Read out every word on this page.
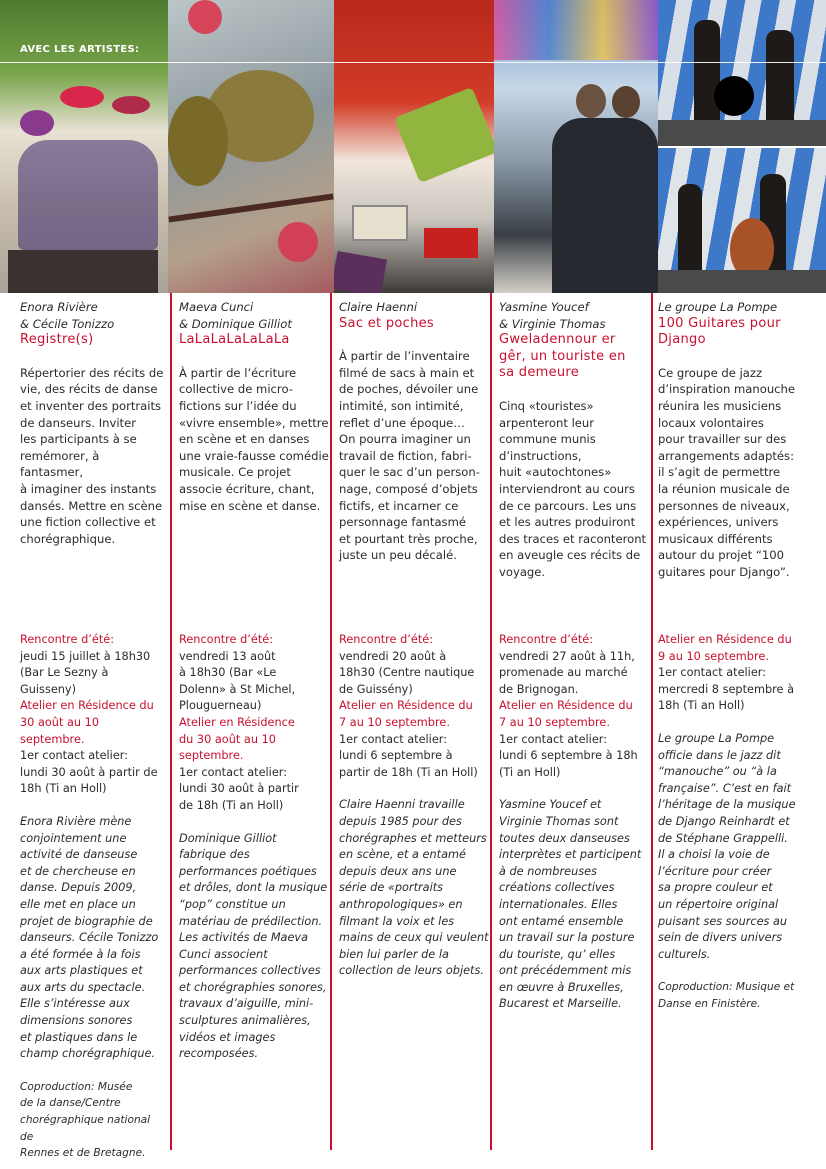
AVEC LES ARTISTES:
Enora Rivière
& Cécile Tonizzo
Registre(s)
Répertorier des récits de
vie, des récits de danse
et inventer des portraits
de danseurs. Inviter
les participants à se
remémorer, à fantasmer,
à imaginer des instants
dansés. Mettre en scène
une fiction collective et
chorégraphique.
Rencontre d’été:
jeudi 15 juillet à 18h30
(Bar Le Sezny à Guisseny)
Atelier en Résidence du
30 août au 10 septembre.
1er contact atelier:
lundi 30 août à partir de
18h (Ti an Holl)
Enora Rivière mène
conjointement une
activité de danseuse
et de chercheuse en
danse. Depuis 2009,
elle met en place un
projet de biographie de
danseurs. Cécile Tonizzo
a été formée à la fois
aux arts plastiques et
aux arts du spectacle.
Elle s’intéresse aux
dimensions sonores
et plastiques dans le
champ chorégraphique.
Coproduction: Musée
de la danse/Centre
chorégraphique national de
Rennes et de Bretagne.
Maeva Cunci
& Dominique Gilliot
LaLaLaLaLaLaLa
À partir de l’écriture
collective de micro-
fictions sur l’idée du
«vivre ensemble», mettre
en scène et en danses
une vraie-fausse comédie
musicale. Ce projet
associe écriture, chant,
mise en scène et danse.
Rencontre d’été:
vendredi 13 août
à 18h30 (Bar «Le
Dolenn» à St Michel,
Plouguerneau)
Atelier en Résidence
du 30 août au 10
septembre.
1er contact atelier:
lundi 30 août à partir
de 18h (Ti an Holl)
Dominique Gilliot
fabrique des
performances poétiques
et drôles, dont la musique
“pop” constitue un
matériau de prédilection.
Les activités de Maeva
Cunci associent
performances collectives
et chorégraphies sonores,
travaux d’aiguille, mini-
sculptures animalières,
vidéos et images
recomposées.
Claire Haenni
Sac et poches
À partir de l’inventaire
filmé de sacs à main et
de poches, dévoiler une
intimité, son intimité,
reflet d’une époque…
On pourra imaginer un
travail de fiction, fabri-
quer le sac d’un person-
nage, composé d’objets
fictifs, et incarner ce
personnage fantasmé
et pourtant très proche,
juste un peu décalé.
Rencontre d’été:
vendredi 20 août à
18h30 (Centre nautique
de Guissény)
Atelier en Résidence du
7 au 10 septembre.
1er contact atelier:
lundi 6 septembre à
partir de 18h (Ti an Holl)
Claire Haenni travaille
depuis 1985 pour des
chorégraphes et metteurs
en scène, et a entamé
depuis deux ans une
série de «portraits
anthropologiques» en
filmant la voix et les
mains de ceux qui veulent
bien lui parler de la
collection de leurs objets.
Yasmine Youcef
& Virginie Thomas
Gweladennour er
gêr, un touriste en
sa demeure
Cinq «touristes»
arpenteront leur
commune munis
d’instructions,
huit «autochtones»
interviendront au cours
de ce parcours. Les uns
et les autres produiront
des traces et raconteront
en aveugle ces récits de
voyage.
Rencontre d’été:
vendredi 27 août à 11h,
promenade au marché
de Brignogan.
Atelier en Résidence du
7 au 10 septembre.
1er contact atelier:
lundi 6 septembre à 18h
(Ti an Holl)
Yasmine Youcef et
Virginie Thomas sont
toutes deux danseuses
interprètes et participent
à de nombreuses
créations collectives
internationales. Elles
ont entamé ensemble
un travail sur la posture
du touriste, qu’ elles
ont précédemment mis
en œuvre à Bruxelles,
Bucarest et Marseille.
Le groupe La Pompe
100 Guitares pour
Django
Ce groupe de jazz
d’inspiration manouche
réunira les musiciens
locaux volontaires
pour travailler sur des
arrangements adaptés:
il s’agit de permettre
la réunion musicale de
personnes de niveaux,
expériences, univers
musicaux différents
autour du projet “100
guitares pour Django”.
Atelier en Résidence du
9 au 10 septembre.
1er contact atelier:
mercredi 8 septembre à
18h (Ti an Holl)
Le groupe La Pompe
officie dans le jazz dit
“manouche” ou “à la
française”. C’est en fait
l’héritage de la musique
de Django Reinhardt et
de Stéphane Grappelli.
Il a choisi la voie de
l’écriture pour créer
sa propre couleur et
un répertoire original
puisant ses sources au
sein de divers univers
culturels.
Coproduction: Musique et
Danse en Finistère.
